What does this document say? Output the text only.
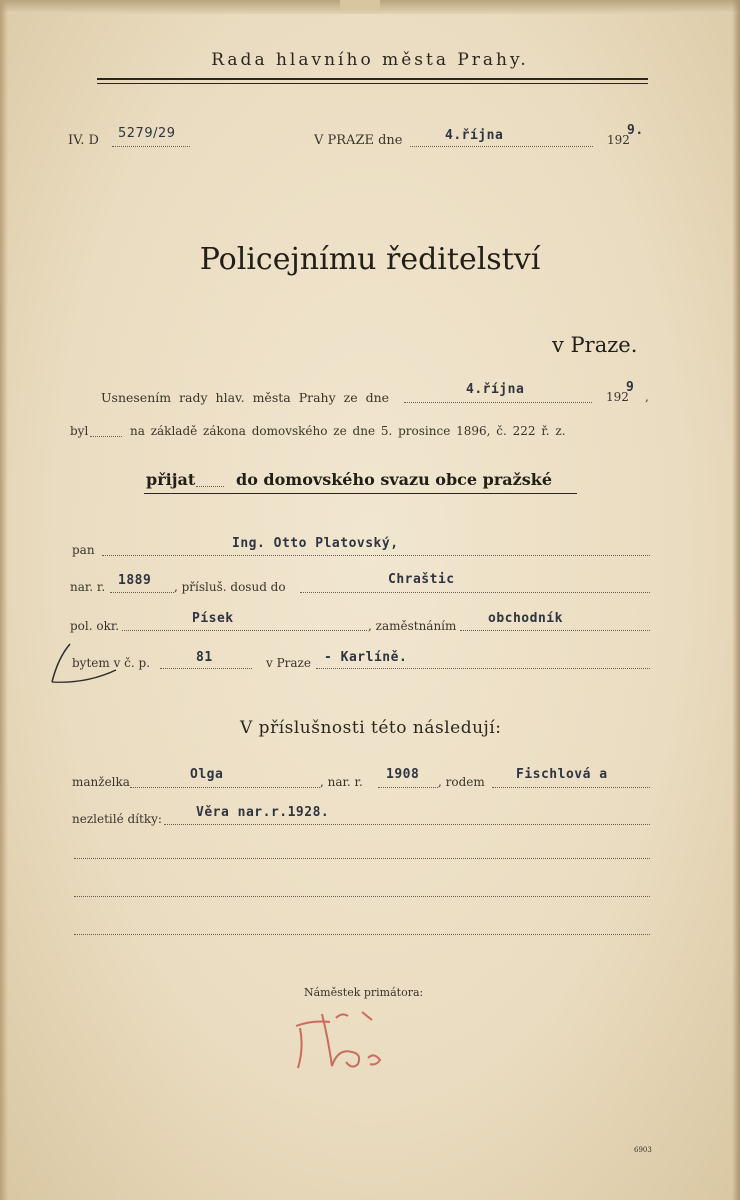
Rada hlavního města Prahy.
IV. D 5279/29	V PRAZE dne	4.října	192
9.
Policejnímu ředitelství
v Praze.
Usnesením rady hlav. města Prahy ze dne
4.října	192
9
,
byl	na základě zákona domovského ze dne 5. prosince 1896, č. 222 ř. z.
přijat	do domovského svazu obce pražské
pan	Ing. Otto Platovský,
nar. r. 1889 , přísluš. dosud do	Chraštic
pol. okr.	Písek	, zaměstnáním obchodník
bytem v č. p.	81	v Praze - Karlíně.
V příslušnosti této následují:
manželka	Olga	, nar. r. 1908 , rodem Fischlová a
nezletilé dítky:	Věra nar.r.1928.
Náměstek primátora:
6903
